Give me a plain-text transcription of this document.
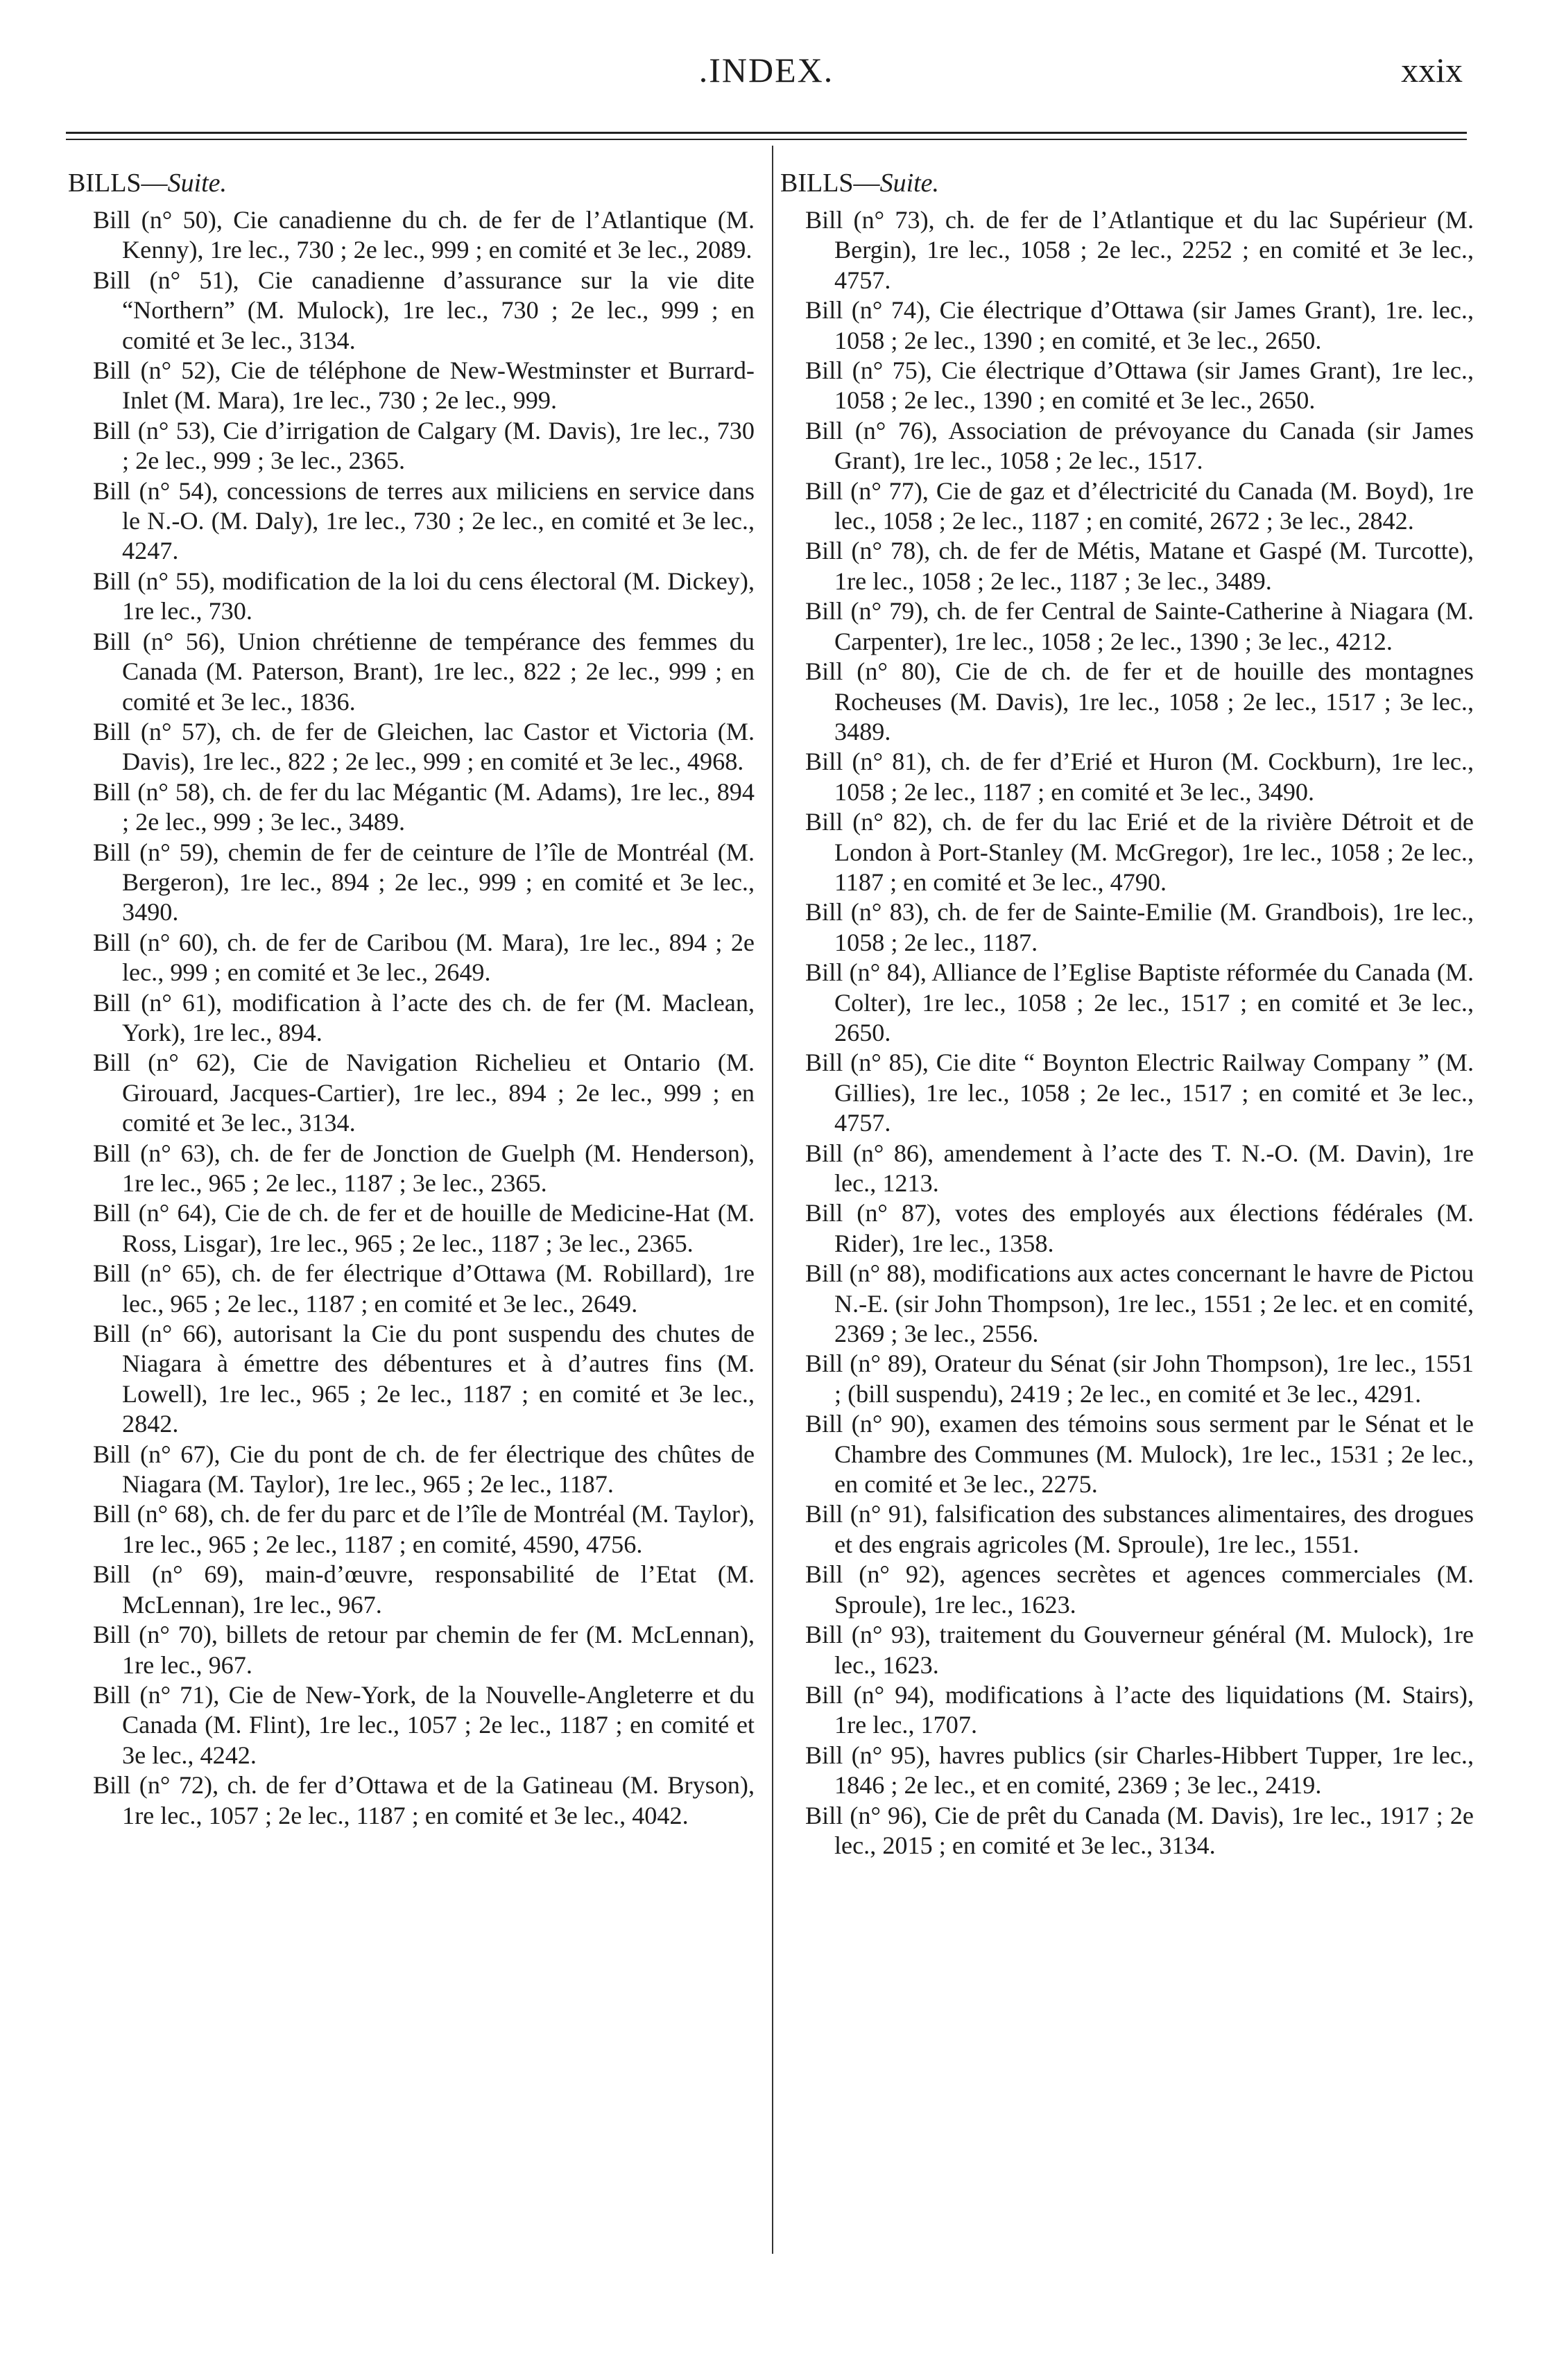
.INDEX.	xxix
BILLS—Suite.

Bill (n° 50), Cie canadienne du ch. de fer de l’Atlantique (M. Kenny), 1re lec., 730 ; 2e lec., 999 ; en comité et 3e lec., 2089.

Bill (n° 51), Cie canadienne d’assurance sur la vie dite “Northern” (M. Mulock), 1re lec., 730 ; 2e lec., 999 ; en comité et 3e lec., 3134.

Bill (n° 52), Cie de téléphone de New-Westminster et Burrard-Inlet (M. Mara), 1re lec., 730 ; 2e lec., 999.

Bill (n° 53), Cie d’irrigation de Calgary (M. Davis), 1re lec., 730 ; 2e lec., 999 ; 3e lec., 2365.

Bill (n° 54), concessions de terres aux miliciens en service dans le N.-O. (M. Daly), 1re lec., 730 ; 2e lec., en comité et 3e lec., 4247.

Bill (n° 55), modification de la loi du cens électoral (M. Dickey), 1re lec., 730.

Bill (n° 56), Union chrétienne de tempérance des femmes du Canada (M. Paterson, Brant), 1re lec., 822 ; 2e lec., 999 ; en comité et 3e lec., 1836.

Bill (n° 57), ch. de fer de Gleichen, lac Castor et Victoria (M. Davis), 1re lec., 822 ; 2e lec., 999 ; en comité et 3e lec., 4968.

Bill (n° 58), ch. de fer du lac Mégantic (M. Adams), 1re lec., 894 ; 2e lec., 999 ; 3e lec., 3489.

Bill (n° 59), chemin de fer de ceinture de l’île de Montréal (M. Bergeron), 1re lec., 894 ; 2e lec., 999 ; en comité et 3e lec., 3490.

Bill (n° 60), ch. de fer de Caribou (M. Mara), 1re lec., 894 ; 2e lec., 999 ; en comité et 3e lec., 2649.

Bill (n° 61), modification à l’acte des ch. de fer (M. Maclean, York), 1re lec., 894.

Bill (n° 62), Cie de Navigation Richelieu et Ontario (M. Girouard, Jacques-Cartier), 1re lec., 894 ; 2e lec., 999 ; en comité et 3e lec., 3134.

Bill (n° 63), ch. de fer de Jonction de Guelph (M. Henderson), 1re lec., 965 ; 2e lec., 1187 ; 3e lec., 2365.

Bill (n° 64), Cie de ch. de fer et de houille de Medicine-Hat (M. Ross, Lisgar), 1re lec., 965 ; 2e lec., 1187 ; 3e lec., 2365.

Bill (n° 65), ch. de fer électrique d’Ottawa (M. Robillard), 1re lec., 965 ; 2e lec., 1187 ; en comité et 3e lec., 2649.

Bill (n° 66), autorisant la Cie du pont suspendu des chutes de Niagara à émettre des débentures et à d’autres fins (M. Lowell), 1re lec., 965 ; 2e lec., 1187 ; en comité et 3e lec., 2842.

Bill (n° 67), Cie du pont de ch. de fer électrique des chûtes de Niagara (M. Taylor), 1re lec., 965 ; 2e lec., 1187.

Bill (n° 68), ch. de fer du parc et de l’île de Montréal (M. Taylor), 1re lec., 965 ; 2e lec., 1187 ; en comité, 4590, 4756.

Bill (n° 69), main-d’œuvre, responsabilité de l’Etat (M. McLennan), 1re lec., 967.

Bill (n° 70), billets de retour par chemin de fer (M. McLennan), 1re lec., 967.

Bill (n° 71), Cie de New-York, de la Nouvelle-Angleterre et du Canada (M. Flint), 1re lec., 1057 ; 2e lec., 1187 ; en comité et 3e lec., 4242.

Bill (n° 72), ch. de fer d’Ottawa et de la Gatineau (M. Bryson), 1re lec., 1057 ; 2e lec., 1187 ; en comité et 3e lec., 4042.

BILLS—Suite.

Bill (n° 73), ch. de fer de l’Atlantique et du lac Supérieur (M. Bergin), 1re lec., 1058 ; 2e lec., 2252 ; en comité et 3e lec., 4757.

Bill (n° 74), Cie électrique d’Ottawa (sir James Grant), 1re. lec., 1058 ; 2e lec., 1390 ; en comité, et 3e lec., 2650.

Bill (n° 75), Cie électrique d’Ottawa (sir James Grant), 1re lec., 1058 ; 2e lec., 1390 ; en comité et 3e lec., 2650.

Bill (n° 76), Association de prévoyance du Canada (sir James Grant), 1re lec., 1058 ; 2e lec., 1517.

Bill (n° 77), Cie de gaz et d’électricité du Canada (M. Boyd), 1re lec., 1058 ; 2e lec., 1187 ; en comité, 2672 ; 3e lec., 2842.

Bill (n° 78), ch. de fer de Métis, Matane et Gaspé (M. Turcotte), 1re lec., 1058 ; 2e lec., 1187 ; 3e lec., 3489.

Bill (n° 79), ch. de fer Central de Sainte-Catherine à Niagara (M. Carpenter), 1re lec., 1058 ; 2e lec., 1390 ; 3e lec., 4212.

Bill (n° 80), Cie de ch. de fer et de houille des montagnes Rocheuses (M. Davis), 1re lec., 1058 ; 2e lec., 1517 ; 3e lec., 3489.

Bill (n° 81), ch. de fer d’Erié et Huron (M. Cockburn), 1re lec., 1058 ; 2e lec., 1187 ; en comité et 3e lec., 3490.

Bill (n° 82), ch. de fer du lac Erié et de la rivière Détroit et de London à Port-Stanley (M. McGregor), 1re lec., 1058 ; 2e lec., 1187 ; en comité et 3e lec., 4790.

Bill (n° 83), ch. de fer de Sainte-Emilie (M. Grandbois), 1re lec., 1058 ; 2e lec., 1187.

Bill (n° 84), Alliance de l’Eglise Baptiste réformée du Canada (M. Colter), 1re lec., 1058 ; 2e lec., 1517 ; en comité et 3e lec., 2650.

Bill (n° 85), Cie dite “ Boynton Electric Railway Company ” (M. Gillies), 1re lec., 1058 ; 2e lec., 1517 ; en comité et 3e lec., 4757.

Bill (n° 86), amendement à l’acte des T. N.-O. (M. Davin), 1re lec., 1213.

Bill (n° 87), votes des employés aux élections fédérales (M. Rider), 1re lec., 1358.

Bill (n° 88), modifications aux actes concernant le havre de Pictou N.-E. (sir John Thompson), 1re lec., 1551 ; 2e lec. et en comité, 2369 ; 3e lec., 2556.

Bill (n° 89), Orateur du Sénat (sir John Thompson), 1re lec., 1551 ; (bill suspendu), 2419 ; 2e lec., en comité et 3e lec., 4291.

Bill (n° 90), examen des témoins sous serment par le Sénat et le Chambre des Communes (M. Mulock), 1re lec., 1531 ; 2e lec., en comité et 3e lec., 2275.

Bill (n° 91), falsification des substances alimentaires, des drogues et des engrais agricoles (M. Sproule), 1re lec., 1551.

Bill (n° 92), agences secrètes et agences commerciales (M. Sproule), 1re lec., 1623.

Bill (n° 93), traitement du Gouverneur général (M. Mulock), 1re lec., 1623.

Bill (n° 94), modifications à l’acte des liquidations (M. Stairs), 1re lec., 1707.

Bill (n° 95), havres publics (sir Charles-Hibbert Tupper, 1re lec., 1846 ; 2e lec., et en comité, 2369 ; 3e lec., 2419.

Bill (n° 96), Cie de prêt du Canada (M. Davis), 1re lec., 1917 ; 2e lec., 2015 ; en comité et 3e lec., 3134.
